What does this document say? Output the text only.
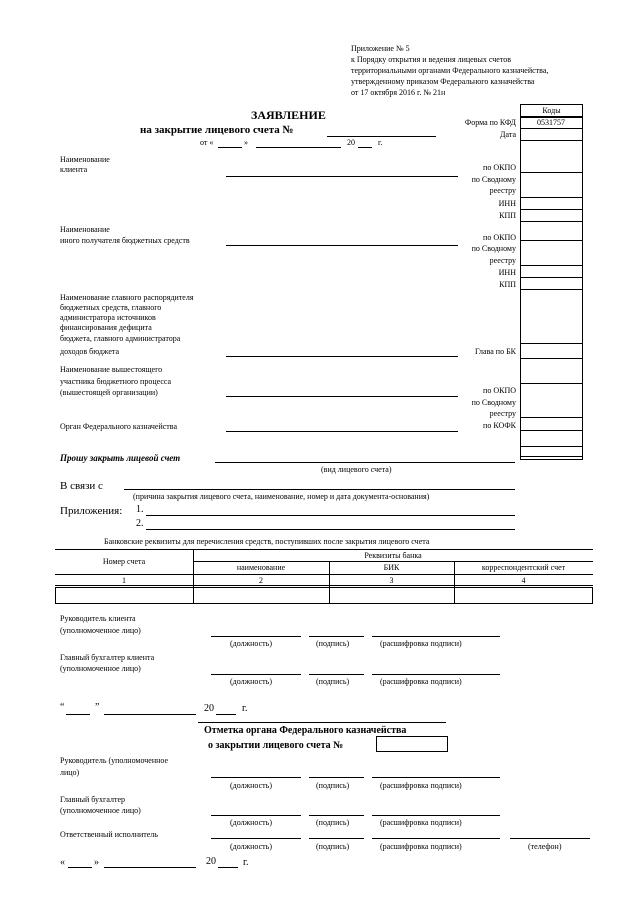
Приложение № 5
к Порядку открытия и ведения лицевых счетов
территориальными органами Федерального казначейства,
утвержденному приказом Федерального казначейства
от 17 октября 2016 г. № 21н
ЗАЯВЛЕНИЕ
на закрытие лицевого счета №
от «	»	20	г.
Коды
Форма по КФД	0531757
Дата
Наименование
клиента	по ОКПО
по Сводному
реестру
ИНН
КПП
Наименование
иного получателя бюджетных средств	по ОКПО
по Сводному
реестру
ИНН
КПП
Наименование главного распорядителя
бюджетных средств, главного
администратора источников
финансирования дефицита
бюджета, главного администратора
доходов бюджета	Глава по БК
Наименование вышестоящего
участника бюджетного процесса
(вышестоящей организации)	по ОКПО
по Сводному
реестру
Орган Федерального казначейства	по КОФК
Прошу закрыть лицевой счет
(вид лицевого счета)
В связи с
(причина закрытия лицевого счета, наименование, номер и дата документа-основания)
Приложения: 1.
2.
Банковские реквизиты для перечисления средств, поступивших после закрытия лицевого счета
Номер счета
Реквизиты банка
наименование	БИК	корреспондентский счет
1	2	3	4
Руководитель клиента
(уполномоченное лицо)
(должность)	(подпись)	(расшифровка подписи)
Главный бухгалтер клиента
(уполномоченное лицо)
(должность)	(подпись)	(расшифровка подписи)
“	”	20	г.
Отметка органа Федерального казначейства
о закрытии лицевого счета №
Руководитель (уполномоченное
лицо)
(должность)	(подпись)	(расшифровка подписи)
Главный бухгалтер
(уполномоченное лицо)
(должность)	(подпись)	(расшифровка подписи)
Ответственный исполнитель
(должность)	(подпись)	(расшифровка подписи)	(телефон)
«	»	20	г.
